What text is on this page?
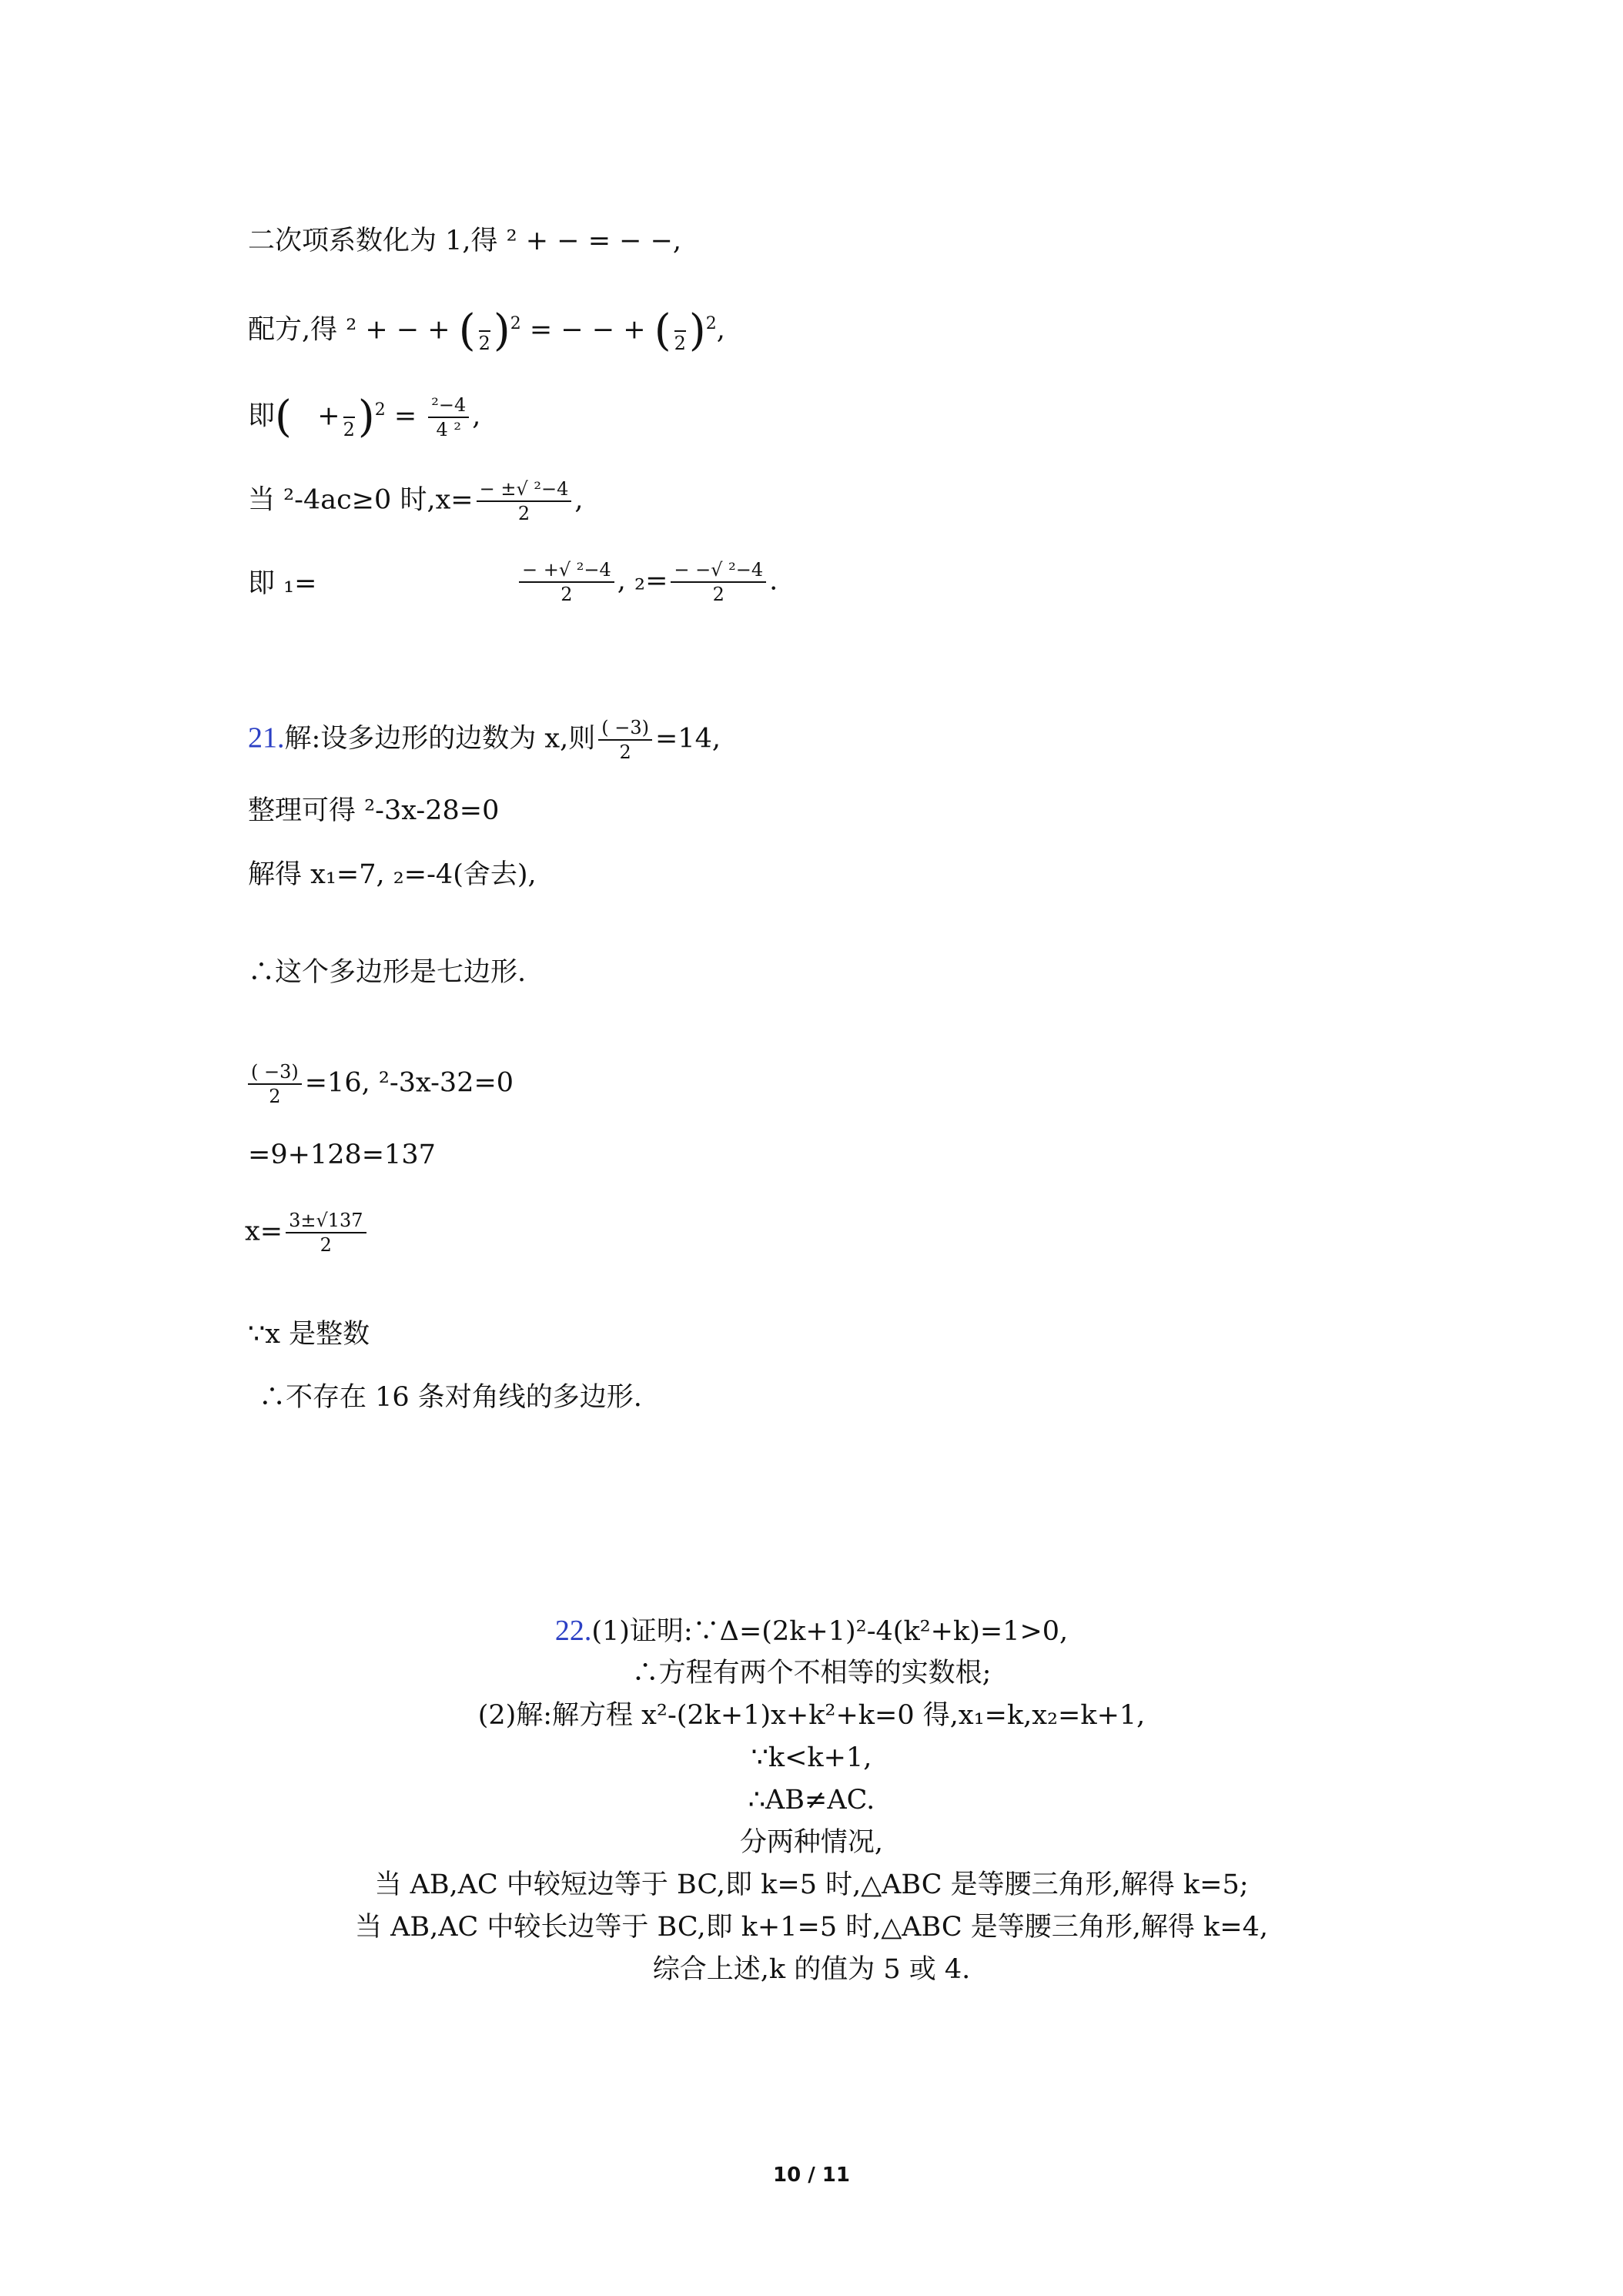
二次项系数化为 1,得 ² + − = − −,
配方,得 ² + − + ( 2 )$^2$ = − − + ( 2 )$^2$,
即(   + 2 )$^2 = \frac{\text{²−4}}{\text{4 ²}}$ ,
当 ²-4ac≥0 时$,x= \frac{\text{− ±√ ²−4}}{2}$ ,
即 ₁=	$\frac{\text{− +√ ²−4}}{2}$ , $_2= \frac{\text{− −√ ²−4}}{2}$ .
21.解:设多边形的边数为 x,则 $\frac{( -3)}{2} =14$,
整理可得 ²-3x-28=0
解得 x₁=7, ₂=-4(舍去),
∴这个多边形是七边形.
$\frac{( -3)}{2} =16$, ²-3x-32=0
=9+128=137
$x= \frac{3\pm√137}{2}$
∵x 是整数
∴不存在 16 条对角线的多边形.
22.(1)证明:∵Δ=(2k+1)²-4(k²+k)=1>0,
∴方程有两个不相等的实数根;
(2)解:解方程 x²-(2k+1)x+k²+k=0 得,x₁=k,x₂=k+1,
∵k<k+1,
∴AB≠AC.
分两种情况,
当 AB,AC 中较短边等于 BC,即 k=5 时,△ABC 是等腰三角形,解得 k=5;
当 AB,AC 中较长边等于 BC,即 k+1=5 时,△ABC 是等腰三角形,解得 k=4,
综合上述,k 的值为 5 或 4.
10 / 11
